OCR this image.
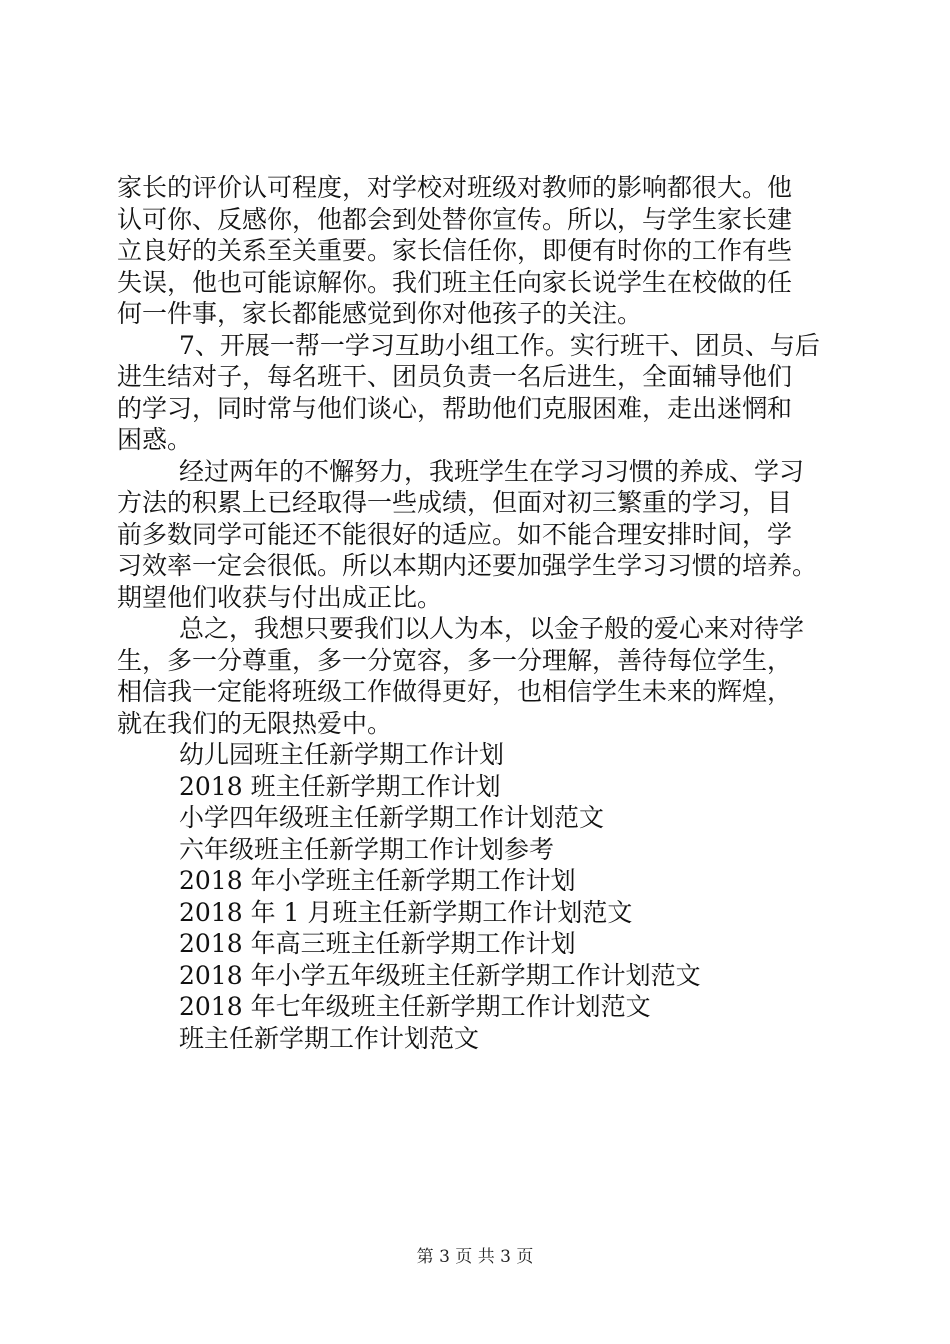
家长的评价认可程度，对学校对班级对教师的影响都很大。他
认可你、反感你，他都会到处替你宣传。所以，与学生家长建
立良好的关系至关重要。家长信任你，即便有时你的工作有些
失误，他也可能谅解你。我们班主任向家长说学生在校做的任
何一件事，家长都能感觉到你对他孩子的关注。
7、开展一帮一学习互助小组工作。实行班干、团员、与后
进生结对子，每名班干、团员负责一名后进生，全面辅导他们
的学习，同时常与他们谈心，帮助他们克服困难，走出迷惘和
困惑。
经过两年的不懈努力，我班学生在学习习惯的养成、学习
方法的积累上已经取得一些成绩，但面对初三繁重的学习，目
前多数同学可能还不能很好的适应。如不能合理安排时间，学
习效率一定会很低。所以本期内还要加强学生学习习惯的培养。
期望他们收获与付出成正比。
总之，我想只要我们以人为本，以金子般的爱心来对待学
生，多一分尊重，多一分宽容，多一分理解，善待每位学生，
相信我一定能将班级工作做得更好，也相信学生未来的辉煌，
就在我们的无限热爱中。
幼儿园班主任新学期工作计划
2018 班主任新学期工作计划
小学四年级班主任新学期工作计划范文
六年级班主任新学期工作计划参考
2018 年小学班主任新学期工作计划
2018 年 1 月班主任新学期工作计划范文
2018 年高三班主任新学期工作计划
2018 年小学五年级班主任新学期工作计划范文
2018 年七年级班主任新学期工作计划范文
班主任新学期工作计划范文
第 3 页 共 3 页
